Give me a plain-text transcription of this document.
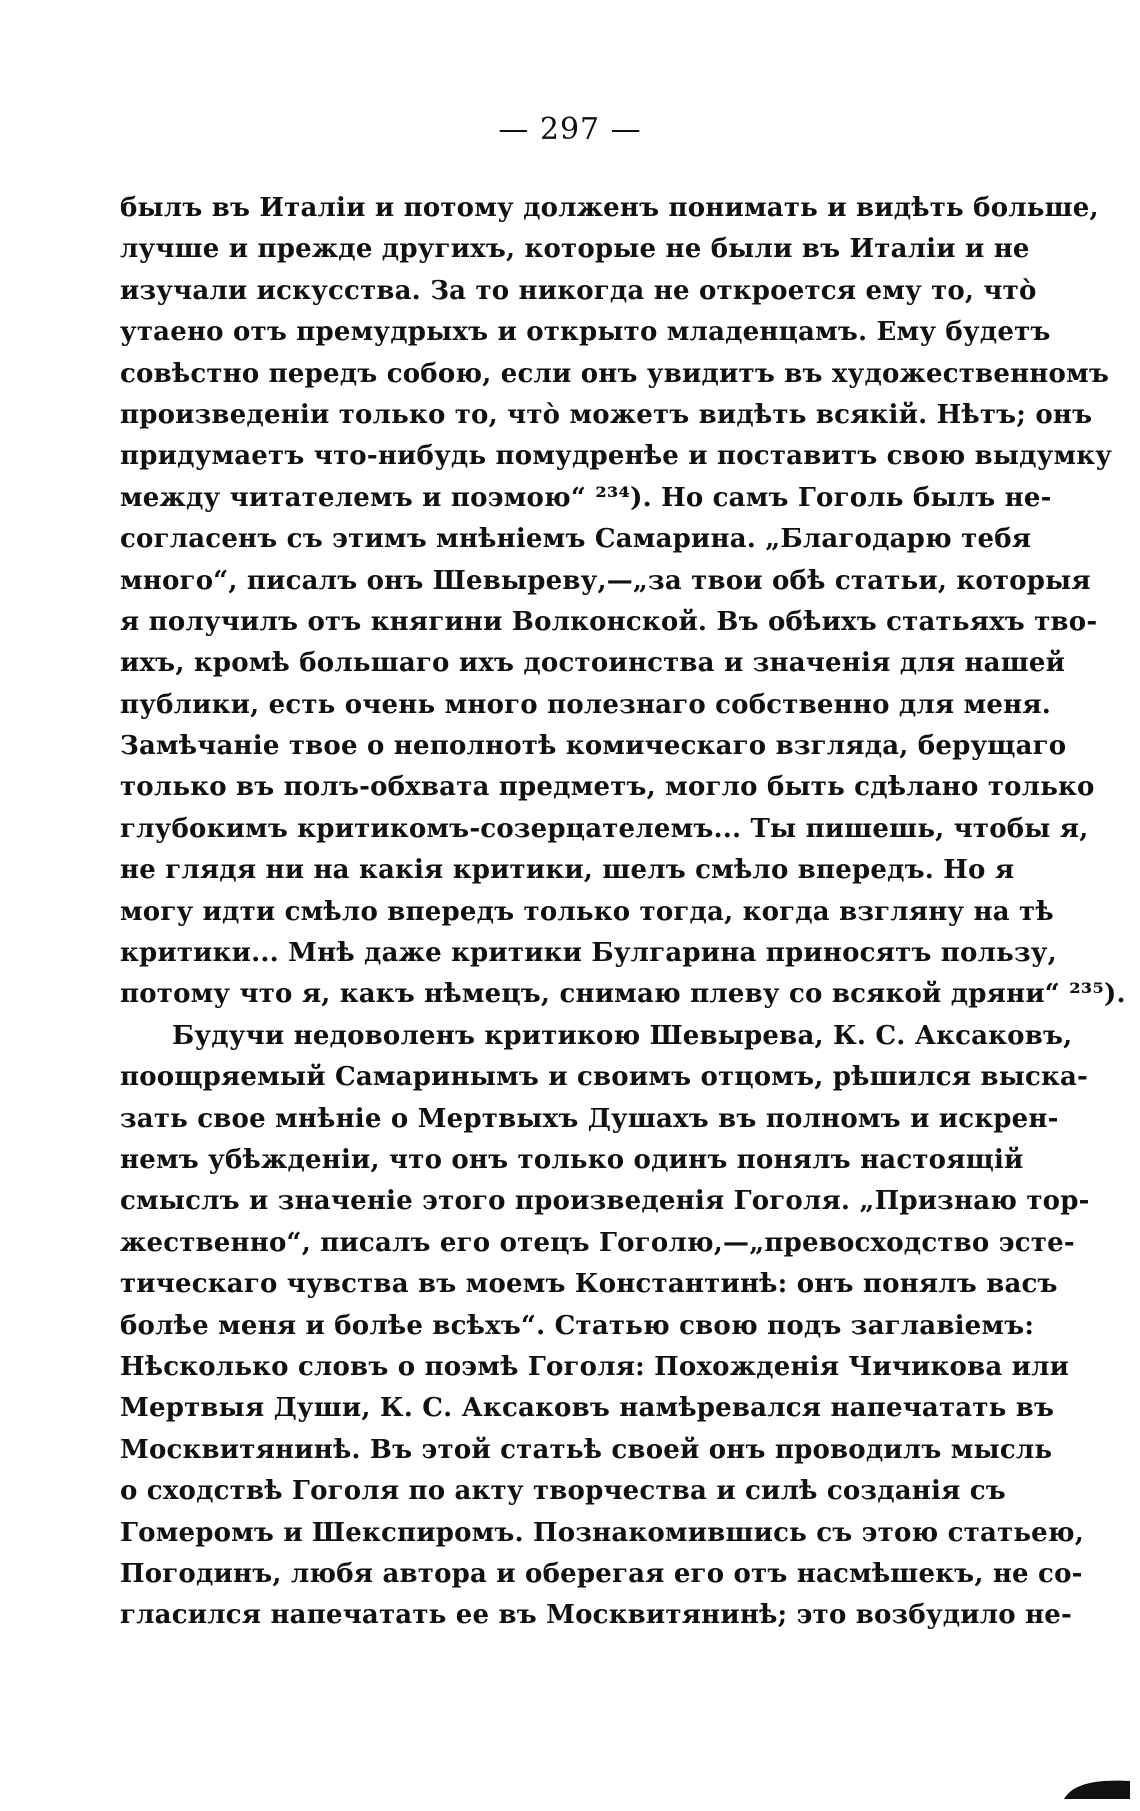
— 297 —
былъ въ Италіи и потому долженъ понимать и видѣть больше,
лучше и прежде другихъ, которые не были въ Италіи и не
изучали искусства. За то никогда не откроется ему то, что̀
утаено отъ премудрыхъ и открыто младенцамъ. Ему будетъ
совѣстно передъ собою, если онъ увидитъ въ художественномъ
произведеніи только то, что̀ можетъ видѣть всякій. Нѣтъ; онъ
придумаетъ что-нибудь помудренѣе и поставитъ свою выдумку
между читателемъ и поэмою“ ²³⁴). Но самъ Гоголь былъ не-
согласенъ съ этимъ мнѣніемъ Самарина. „Благодарю тебя
много“, писалъ онъ Шевыреву,—„за твои обѣ статьи, которыя
я получилъ отъ княгини Волконской. Въ обѣихъ статьяхъ тво-
ихъ, кромѣ большаго ихъ достоинства и значенія для нашей
публики, есть очень много полезнаго собственно для меня.
Замѣчаніе твое о неполнотѣ комическаго взгляда, берущаго
только въ полъ-обхвата предметъ, могло быть сдѣлано только
глубокимъ критикомъ-созерцателемъ... Ты пишешь, чтобы я,
не глядя ни на какія критики, шелъ смѣло впередъ. Но я
могу идти смѣло впередъ только тогда, когда взгляну на тѣ
критики... Мнѣ даже критики Булгарина приносятъ пользу,
потому что я, какъ нѣмецъ, снимаю плеву со всякой дряни“ ²³⁵).
Будучи недоволенъ критикою Шевырева, К. С. Аксаковъ,
поощряемый Самаринымъ и своимъ отцомъ, рѣшился выска-
зать свое мнѣніе о Мертвыхъ Душахъ въ полномъ и искрен-
немъ убѣжденіи, что онъ только одинъ понялъ настоящій
смыслъ и значеніе этого произведенія Гоголя. „Признаю тор-
жественно“, писалъ его отецъ Гоголю,—„превосходство эсте-
тическаго чувства въ моемъ Константинѣ: онъ понялъ васъ
болѣе меня и болѣе всѣхъ“. Статью свою подъ заглавіемъ:
Нѣсколько словъ о поэмѣ Гоголя: Похожденія Чичикова или
Мертвыя Души, К. С. Аксаковъ намѣревался напечатать въ
Москвитянинѣ. Въ этой статьѣ своей онъ проводилъ мысль
о сходствѣ Гоголя по акту творчества и силѣ созданія съ
Гомеромъ и Шекспиромъ. Познакомившись съ этою статьею,
Погодинъ, любя автора и оберегая его отъ насмѣшекъ, не со-
гласился напечатать ее въ Москвитянинѣ; это возбудило не-
